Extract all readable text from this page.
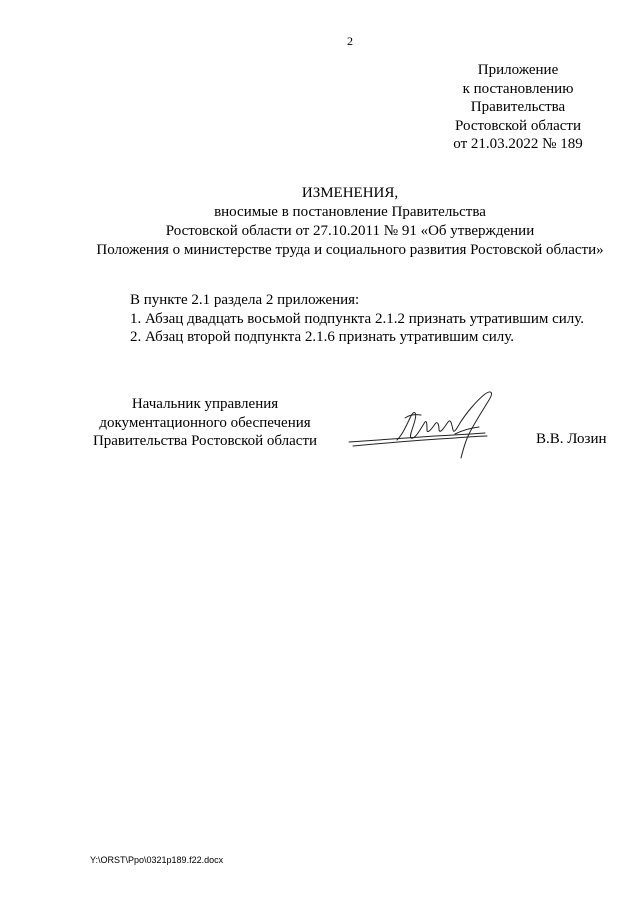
2
Приложение
к постановлению
Правительства
Ростовской области
от 21.03.2022 № 189
ИЗМЕНЕНИЯ,
вносимые в постановление Правительства
Ростовской области от 27.10.2011 № 91 «Об утверждении
Положения о министерстве труда и социального развития Ростовской области»
В пункте 2.1 раздела 2 приложения:
1. Абзац двадцать восьмой подпункта 2.1.2 признать утратившим силу.
2. Абзац второй подпункта 2.1.6 признать утратившим силу.
Начальник управления
документационного обеспечения
Правительства Ростовской области	В.В. Лозин
Y:\ORST\Ppo\0321p189.f22.docx
